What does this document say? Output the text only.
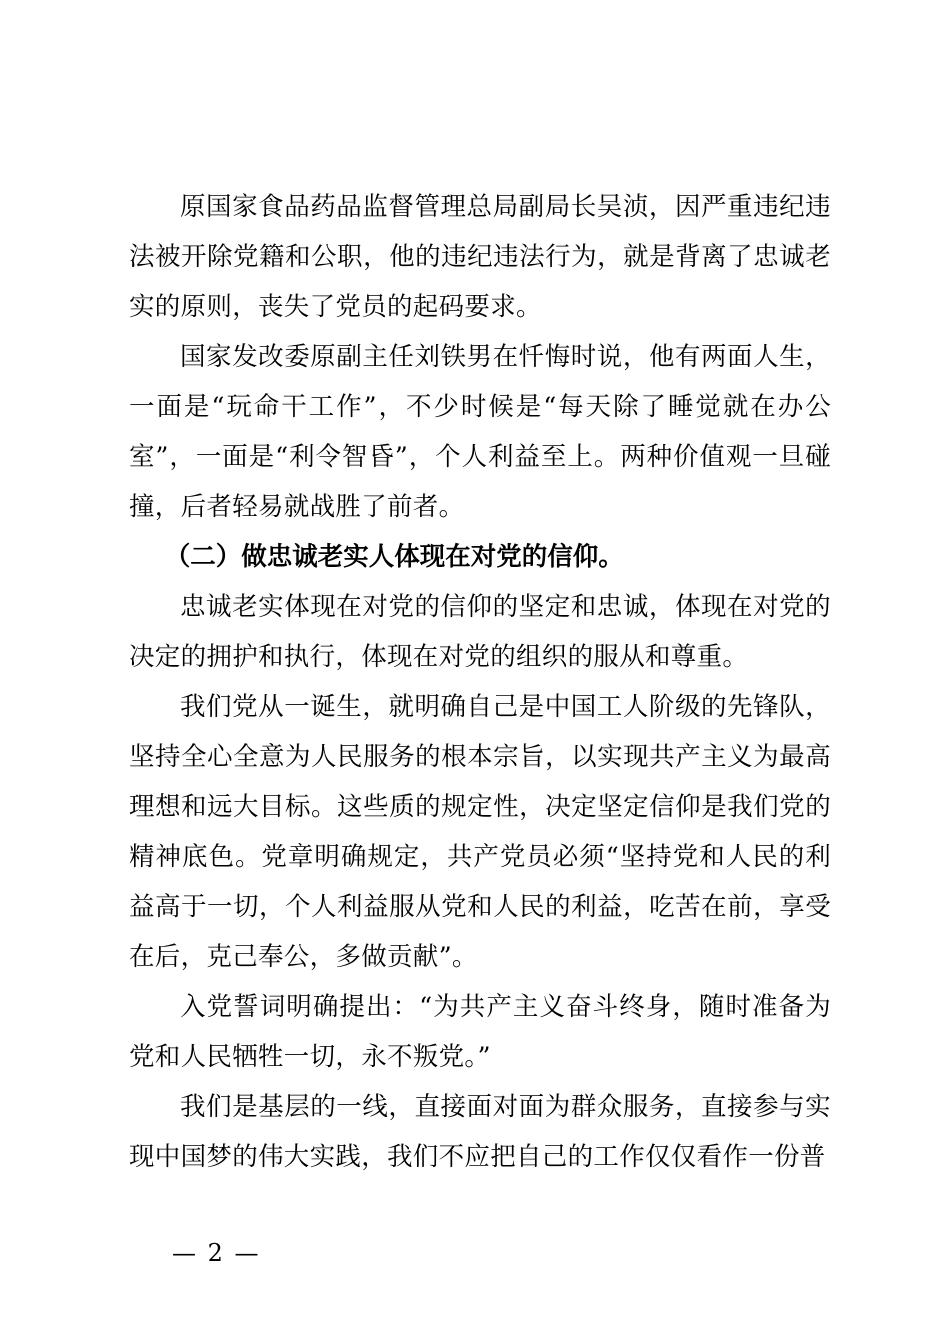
原国家食品药品监督管理总局副局长吴浈，因严重违纪违法被开除党籍和公职，他的违纪违法行为，就是背离了忠诚老实的原则，丧失了党员的起码要求。

国家发改委原副主任刘铁男在忏悔时说，他有两面人生，一面是“玩命干工作”，不少时候是“每天除了睡觉就在办公室”，一面是“利令智昏”，个人利益至上。两种价值观一旦碰撞，后者轻易就战胜了前者。

（二）做忠诚老实人体现在对党的信仰。

忠诚老实体现在对党的信仰的坚定和忠诚，体现在对党的决定的拥护和执行，体现在对党的组织的服从和尊重。

我们党从一诞生，就明确自己是中国工人阶级的先锋队，坚持全心全意为人民服务的根本宗旨，以实现共产主义为最高理想和远大目标。这些质的规定性，决定坚定信仰是我们党的精神底色。党章明确规定，共产党员必须“坚持党和人民的利益高于一切，个人利益服从党和人民的利益，吃苦在前，享受在后，克己奉公，多做贡献”。

入党誓词明确提出：“为共产主义奋斗终身，随时准备为党和人民牺牲一切，永不叛党。”

我们是基层的一线，直接面对面为群众服务，直接参与实现中国梦的伟大实践，我们不应把自己的工作仅仅看作一份普

— 2 —
